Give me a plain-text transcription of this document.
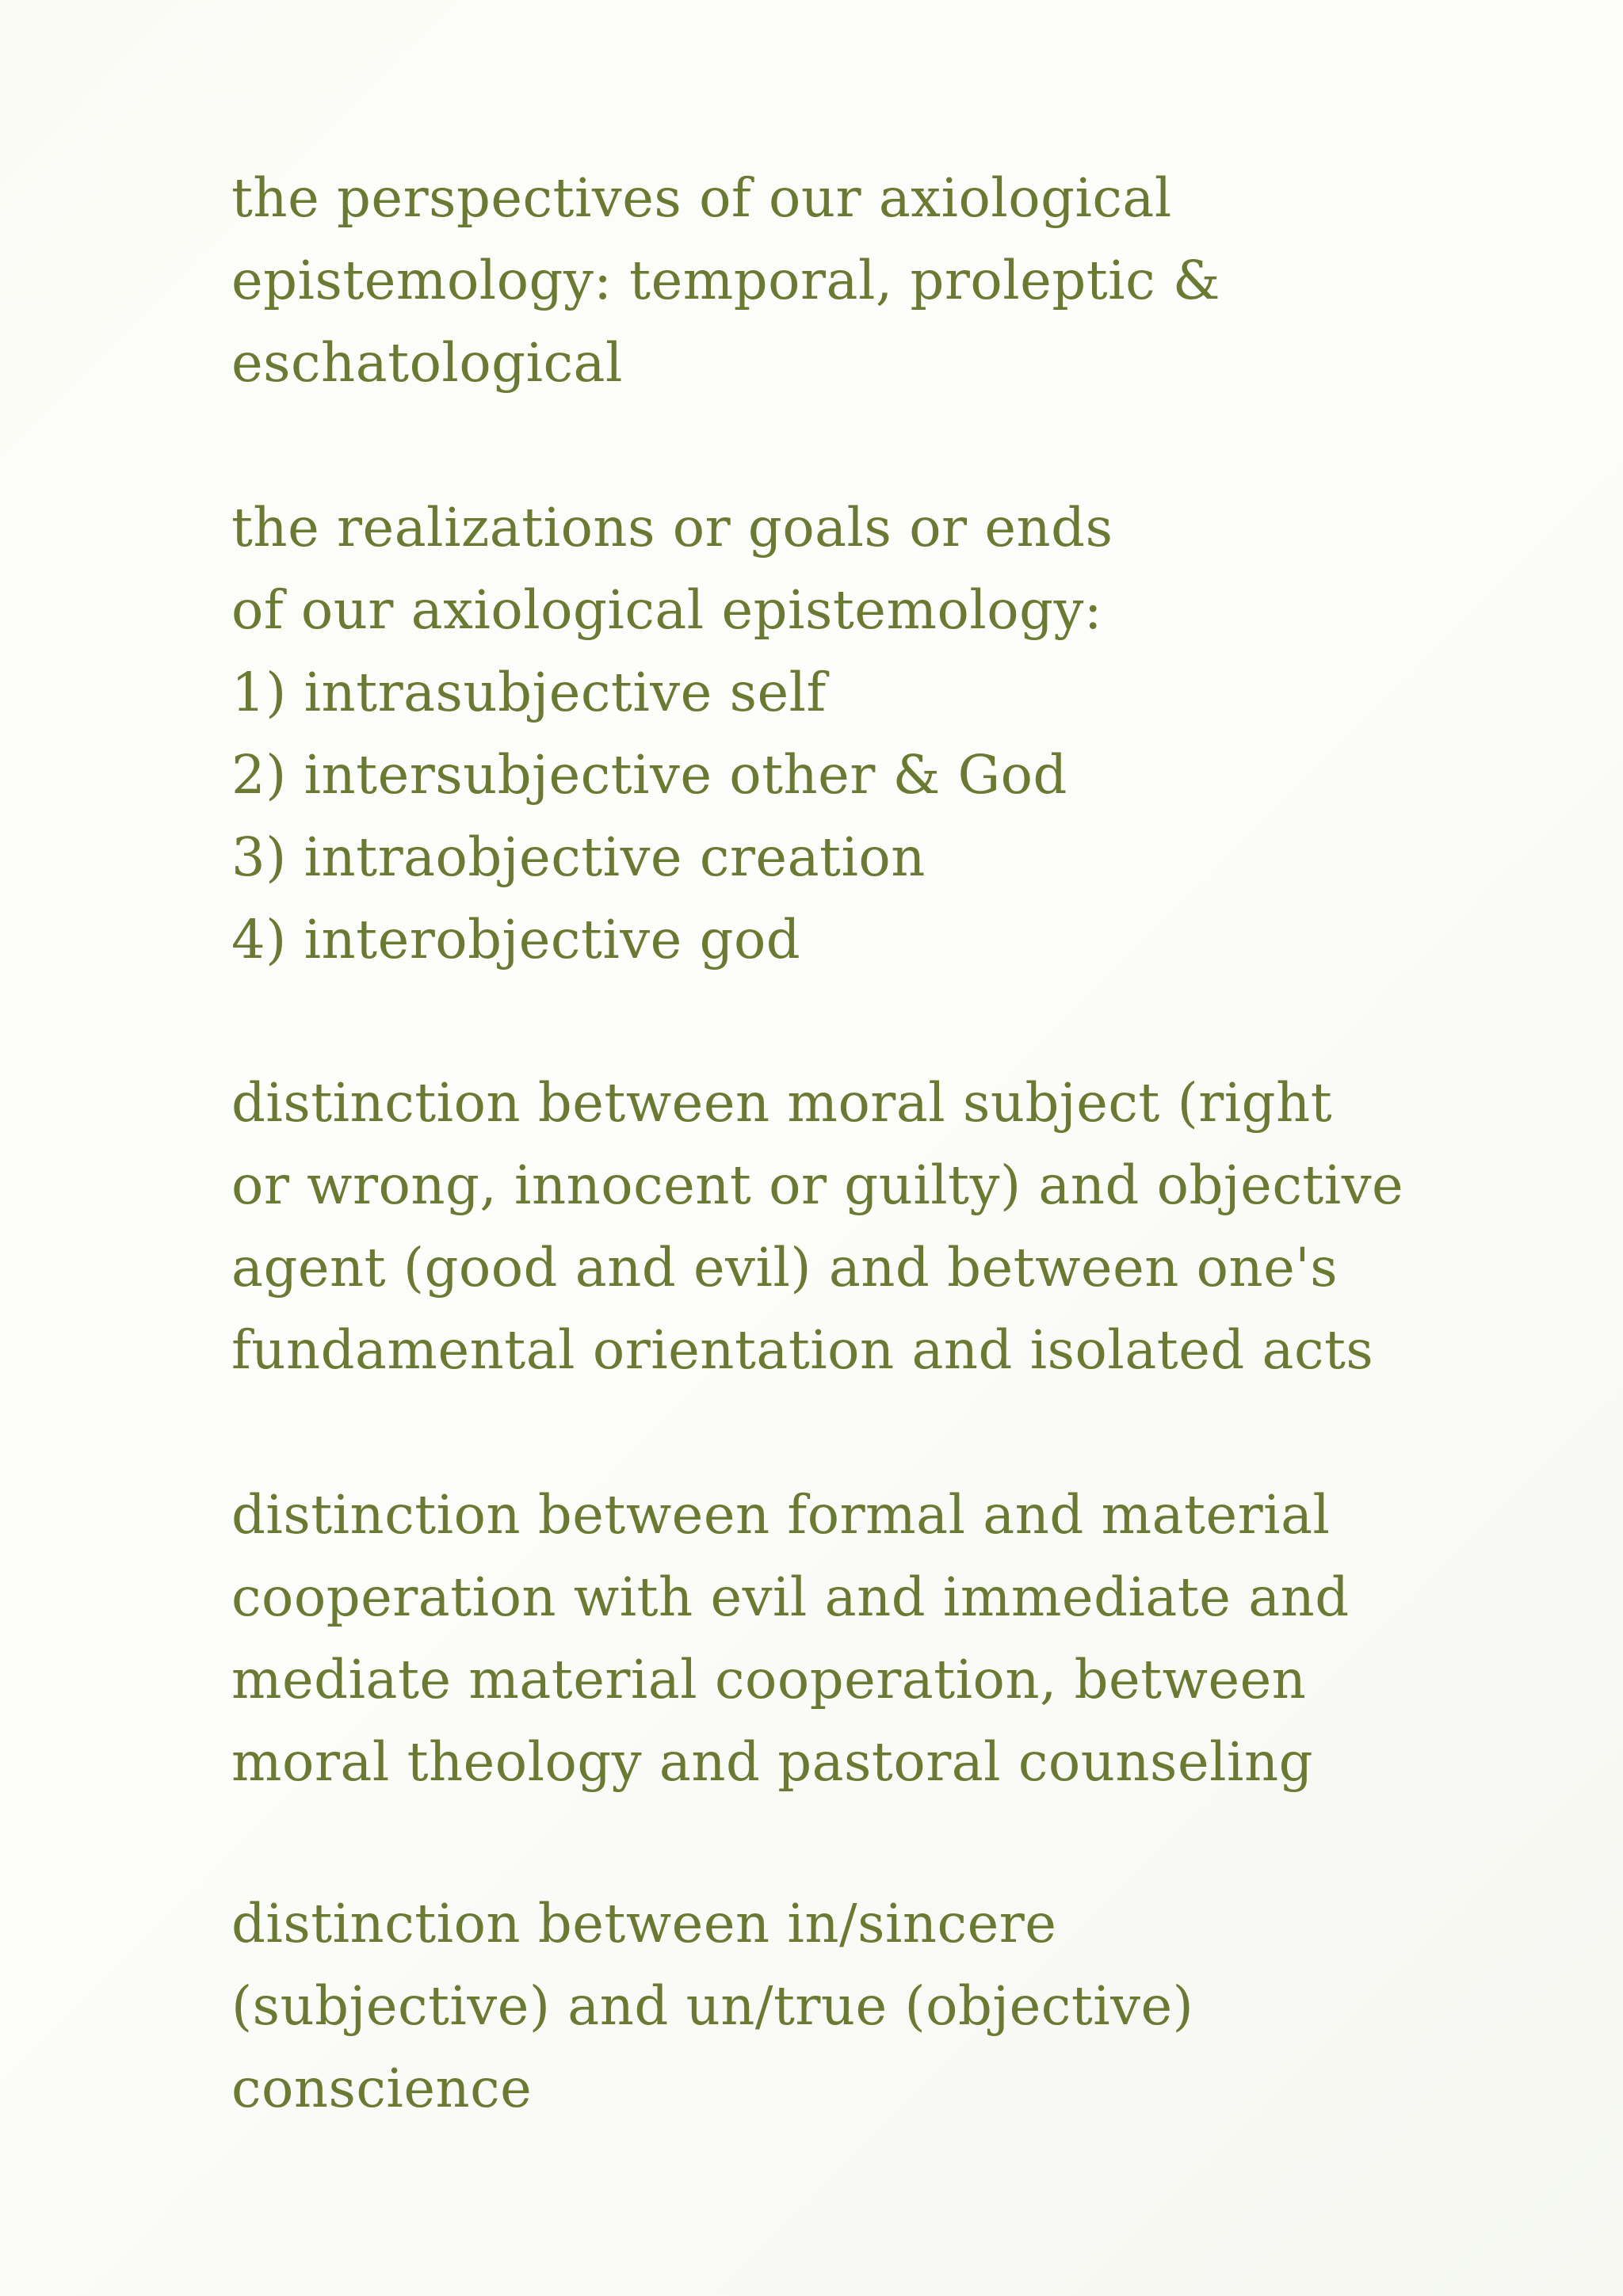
the perspectives of our axiological
epistemology: temporal, proleptic &
eschatological

the realizations or goals or ends
of our axiological epistemology:
1) intrasubjective self
2) intersubjective other & God
3) intraobjective creation
4) interobjective god

distinction between moral subject (right
or wrong, innocent or guilty) and objective
agent (good and evil) and between one's
fundamental orientation and isolated acts

distinction between formal and material
cooperation with evil and immediate and
mediate material cooperation, between
moral theology and pastoral counseling

distinction between in/sincere
(subjective) and un/true (objective)
conscience
